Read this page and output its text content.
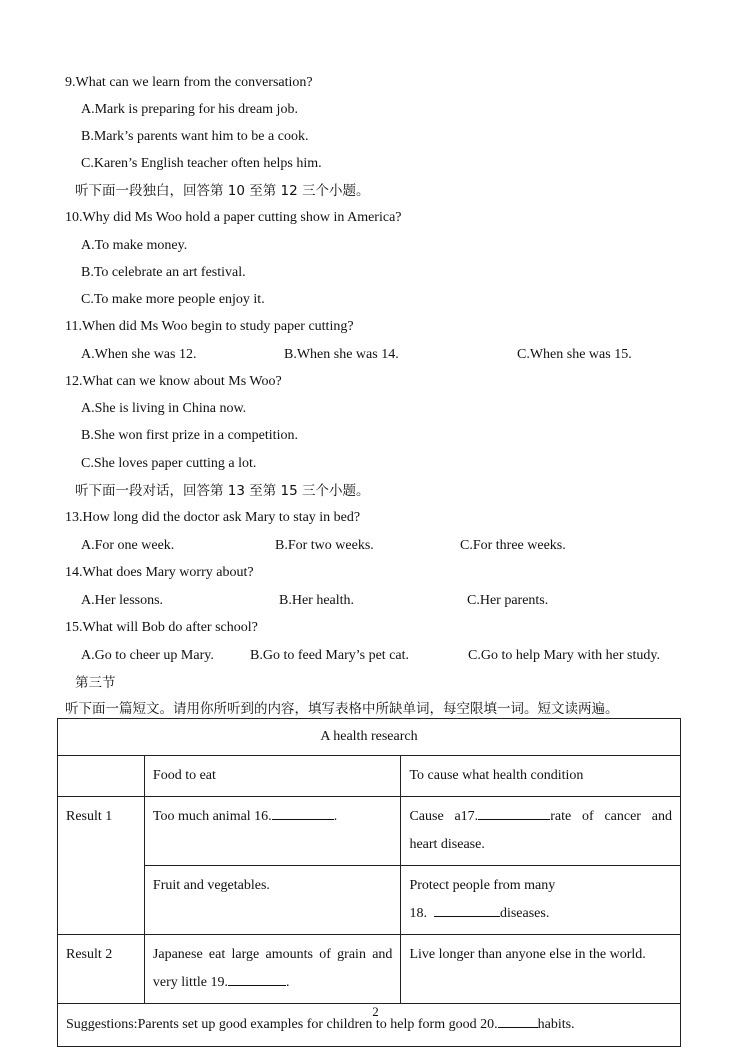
9.What can we learn from the conversation?
A.Mark is preparing for his dream job.
B.Mark’s parents want him to be a cook.
C.Karen’s English teacher often helps him.
听下面一段独白，回答第 10 至第 12 三个小题。
10.Why did Ms Woo hold a paper cutting show in America?
A.To make money.
B.To celebrate an art festival.
C.To make more people enjoy it.
11.When did Ms Woo begin to study paper cutting?
A.When she was 12.	B.When she was 14.	C.When she was 15.
12.What can we know about Ms Woo?
A.She is living in China now.
B.She won first prize in a competition.
C.She loves paper cutting a lot.
听下面一段对话，回答第 13 至第 15 三个小题。
13.How long did the doctor ask Mary to stay in bed?
A.For one week.	B.For two weeks.	C.For three weeks.
14.What does Mary worry about?
A.Her lessons.	B.Her health.	C.Her parents.
15.What will Bob do after school?
A.Go to cheer up Mary.	B.Go to feed Mary’s pet cat.	C.Go to help Mary with her study.
第三节
听下面一篇短文。请用你所听到的内容，填写表格中所缺单词，每空限填一词。短文读两遍。
A health research		
	Food to eat	To cause what health condition
Result 1	Too much animal 16. .	Cause a17. rate of cancer and heart disease.
	Fruit and vegetables.	Protect people from many
18. diseases.
Result 2	Japanese eat large amounts of grain and very little 19. .	Live longer than anyone else in the world.
Suggestions:Parents set up good examples for children to help form good 20. habits.		
2
